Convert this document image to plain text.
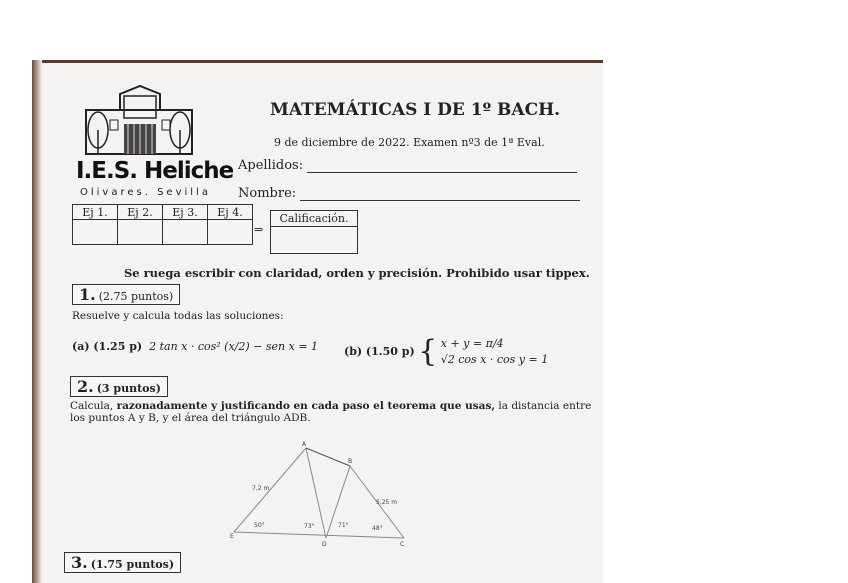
I.E.S. Heliche
Olivares. Sevilla
MATEMÁTICAS I DE 1º BACH.
9 de diciembre de 2022. Examen nº3 de 1ª Eval.
Apellidos:
Nombre:
Ej 1.	Ej 2.	Ej 3.	Ej 4.

⇒
Calificación.
Se ruega escribir con claridad, orden y precisión. Prohibido usar tippex.
1. (2.75 puntos)
Resuelve y calcula todas las soluciones:
(a) (1.25 p) 2 tan x · cos² (x/2) − sen x = 1 (b) (1.50 p) { x + y = π/4
√2 cos x · cos y = 1
2. (3 puntos)
Calcula, razonadamente y justificando en cada paso el teorema que usas, la distancia entre
los puntos A y B, y el área del triángulo ADB.
A
B
C
D
E
7,2 m
5,25 m
50°	73°	71°	48°
3. (1.75 puntos)
